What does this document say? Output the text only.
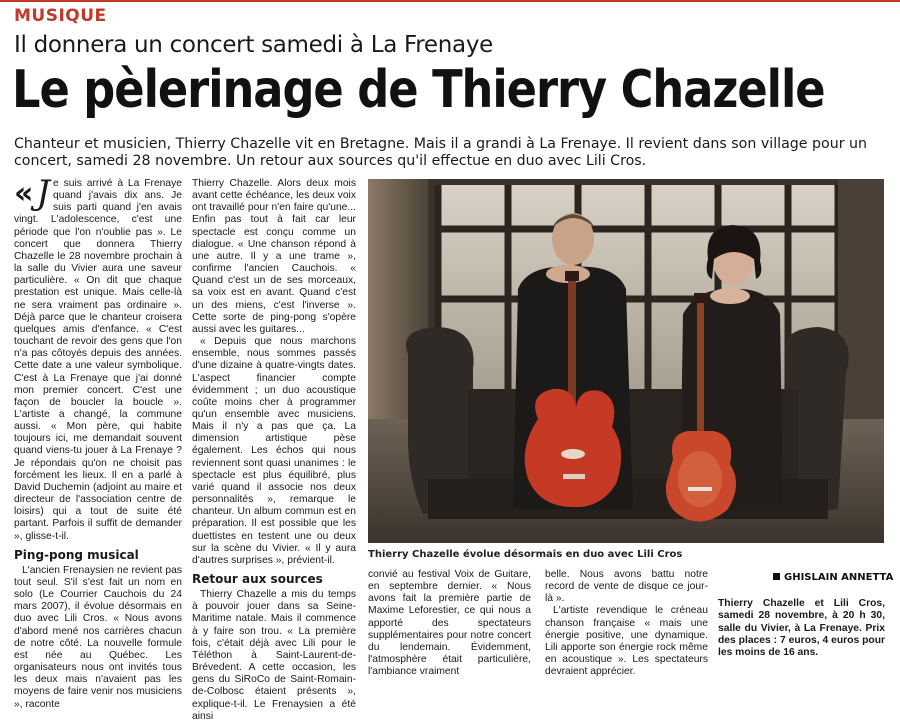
MUSIQUE
Il donnera un concert samedi à La Frenaye
Le pèlerinage de Thierry Chazelle
Chanteur et musicien, Thierry Chazelle vit en Bretagne. Mais il a grandi à La Frenaye. Il revient dans son village pour un concert, samedi 28 novembre. Un retour aux sources qu'il effectue en duo avec Lili Cros.

« J e suis arrivé à La Frenaye quand j'avais dix ans. Je suis parti quand j'en avais vingt. L'adolescence, c'est une période que l'on n'oublie pas ». Le concert que donnera Thierry Chazelle le 28 novembre prochain à la salle du Vivier aura une saveur particulière. « On dit que chaque prestation est unique. Mais celle-là ne sera vraiment pas ordinaire ». Déjà parce que le chanteur croisera quelques amis d'enfance. « C'est touchant de revoir des gens que l'on n'a pas côtoyés depuis des années. Cette date a une valeur symbolique. C'est à La Frenaye que j'ai donné mon premier concert. C'est une façon de boucler la boucle ». L'artiste a changé, la commune aussi. « Mon père, qui habite toujours ici, me demandait souvent quand viens-tu jouer à La Frenaye ? Je répondais qu'on ne choisit pas forcément les lieux. Il en a parlé à David Duchemin (adjoint au maire et directeur de l'association centre de loisirs) qui a tout de suite été partant. Parfois il suffit de demander », glisse-t-il.

Ping-pong musical

L'ancien Frenaysien ne revient pas tout seul. S'il s'est fait un nom en solo (Le Courrier Cauchois du 24 mars 2007), il évolue désormais en duo avec Lili Cros. « Nous avons d'abord mené nos carrières chacun de notre côté. La nouvelle formule est née au Québec. Les organisateurs nous ont invités tous les deux mais n'avaient pas les moyens de faire venir nos musiciens », raconte

Thierry Chazelle. Alors deux mois avant cette échéance, les deux voix ont travaillé pour n'en faire qu'une... Enfin pas tout à fait car leur spectacle est conçu comme un dialogue. « Une chanson répond à une autre. Il y a une trame », confirme l'ancien Cauchois. « Quand c'est un de ses morceaux, sa voix est en avant. Quand c'est un des miens, c'est l'inverse ». Cette sorte de ping-pong s'opère aussi avec les guitares...

« Depuis que nous marchons ensemble, nous sommes passés d'une dizaine à quatre-vingts dates. L'aspect financier compte évidemment ; un duo acoustique coûte moins cher à programmer qu'un ensemble avec musiciens. Mais il n'y a pas que ça. La dimension artistique pèse également. Les échos qui nous reviennent sont quasi unanimes : le spectacle est plus équilibré, plus varié quand il associe nos deux personnalités », remarque le chanteur. Un album commun est en préparation. Il est possible que les duettistes en testent une ou deux sur la scène du Vivier. « Il y aura d'autres surprises », prévient-il.

Retour aux sources

Thierry Chazelle a mis du temps à pouvoir jouer dans sa Seine-Maritime natale. Mais il commence à y faire son trou. « La première fois, c'était déjà avec Lili pour le Téléthon à Saint-Laurent-de-Brévedent. A cette occasion, les gens du SiRoCo de Saint-Romain-de-Colbosc étaient présents », explique-t-il. Le Frenaysien a été ainsi

Thierry Chazelle évolue désormais en duo avec Lili Cros

convié au festival Voix de Guitare, en septembre dernier. « Nous avons fait la première partie de Maxime Leforestier, ce qui nous a apporté des spectateurs supplémentaires pour notre concert du lendemain. Évidemment, l'atmosphère était particulière, l'ambiance vraiment

belle. Nous avons battu notre record de vente de disque ce jour-là ».

L'artiste revendique le créneau chanson française « mais une énergie positive, une dynamique. Lili apporte son énergie rock même en acoustique ». Les spectateurs devraient apprécier.

GHISLAIN ANNETTA

Thierry Chazelle et Lili Cros, samedi 28 novembre, à 20 h 30, salle du Vivier, à La Frenaye. Prix des places : 7 euros, 4 euros pour les moins de 16 ans.
